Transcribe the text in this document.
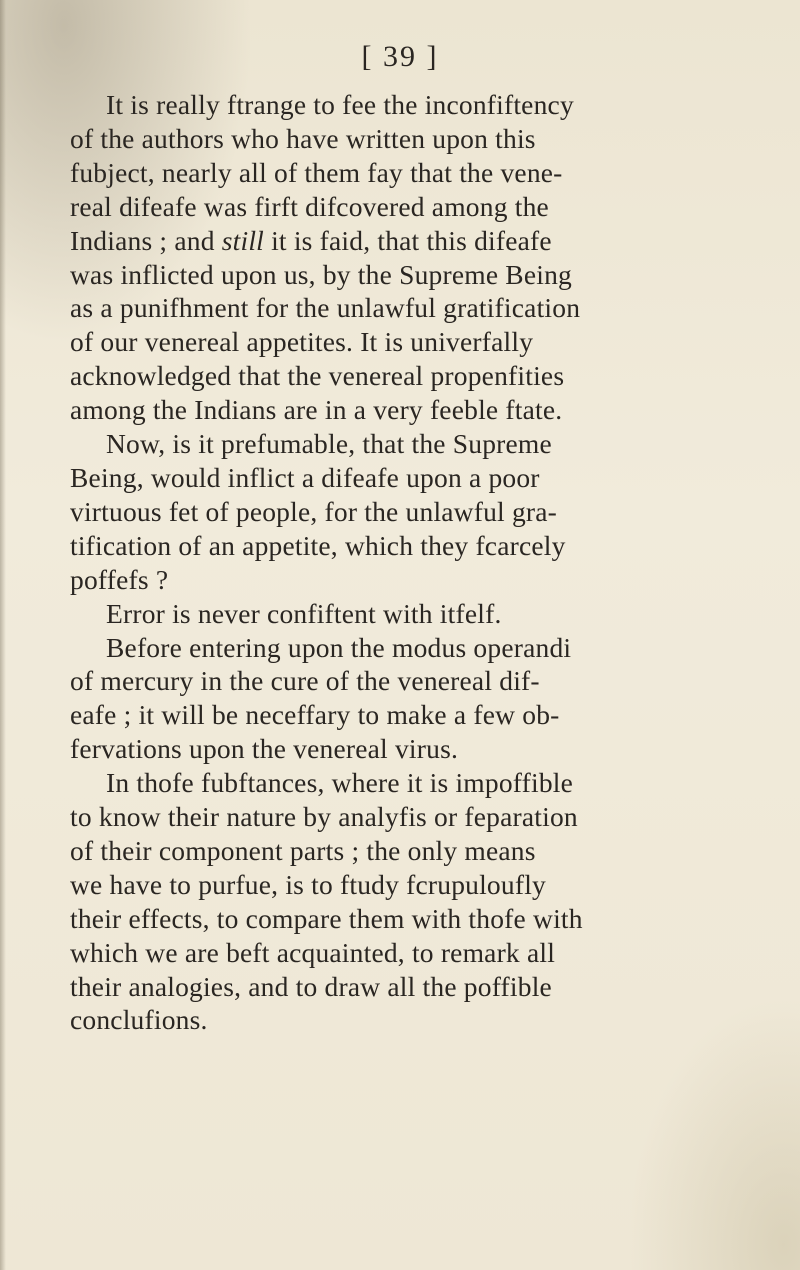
[ 39 ]
It is really ftrange to fee the inconfiftency
of the authors who have written upon this
fubject, nearly all of them fay that the vene-
real difeafe was firft difcovered among the
Indians ; and still it is faid, that this difeafe
was inflicted upon us, by the Supreme Being
as a punifhment for the unlawful gratification
of our venereal appetites. It is univerfally
acknowledged that the venereal propenfities
among the Indians are in a very feeble ftate.
Now, is it prefumable, that the Supreme
Being, would inflict a difeafe upon a poor
virtuous fet of people, for the unlawful gra-
tification of an appetite, which they fcarcely
poffefs ?
Error is never confiftent with itfelf.
Before entering upon the modus operandi
of mercury in the cure of the venereal dif-
eafe ; it will be neceffary to make a few ob-
fervations upon the venereal virus.
In thofe fubftances, where it is impoffible
to know their nature by analyfis or feparation
of their component parts ; the only means
we have to purfue, is to ftudy fcrupuloufly
their effects, to compare them with thofe with
which we are beft acquainted, to remark all
their analogies, and to draw all the poffible
conclufions.
